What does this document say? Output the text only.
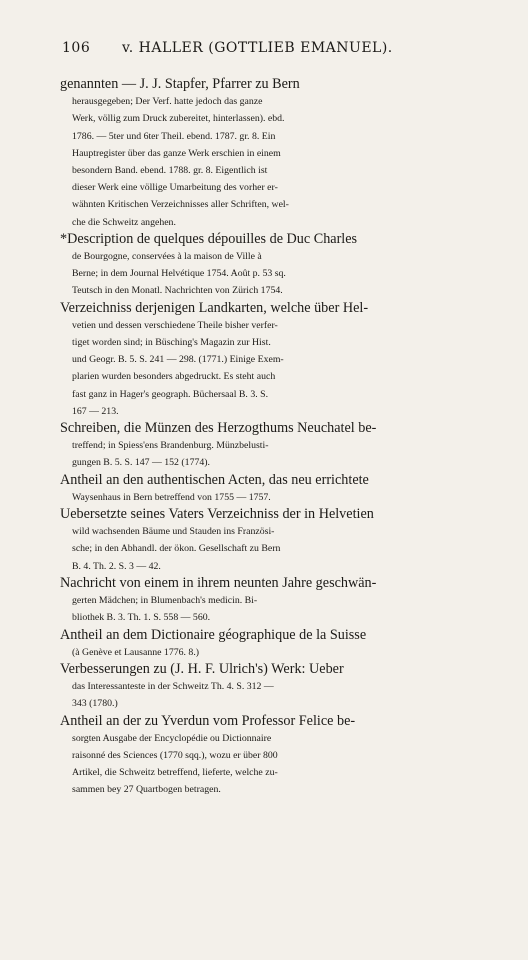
106 v. HALLER (GOTTLIEB EMANUEL).
genannten — J. J. Stapfer, Pfarrer zu Bern
herausgegeben; Der Verf. hatte jedoch das ganze
Werk, völlig zum Druck zubereitet, hinterlassen). ebd.
1786. — 5ter und 6ter Theil. ebend. 1787. gr. 8. Ein
Hauptregister über das ganze Werk erschien in einem
besondern Band. ebend. 1788. gr. 8. Eigentlich ist
dieser Werk eine völlige Umarbeitung des vorher er-
wähnten Kritischen Verzeichnisses aller Schriften, wel-
che die Schweitz angehen.
*Description de quelques dépouilles de Duc Charles
de Bourgogne, conservées à la maison de Ville à
Berne; in dem Journal Helvétique 1754. Août p. 53 sq.
Teutsch in den Monatl. Nachrichten von Zürich 1754.
Verzeichniss derjenigen Landkarten, welche über Hel-
vetien und dessen verschiedene Theile bisher verfer-
tiget worden sind; in Büsching's Magazin zur Hist.
und Geogr. B. 5. S. 241 — 298. (1771.) Einige Exem-
plarien wurden besonders abgedruckt. Es steht auch
fast ganz in Hager's geograph. Büchersaal B. 3. S.
167 — 213.
Schreiben, die Münzen des Herzogthums Neuchatel be-
treffend; in Spiess'ens Brandenburg. Münzbelusti-
gungen B. 5. S. 147 — 152 (1774).
Antheil an den authentischen Acten, das neu errichtete
Waysenhaus in Bern betreffend von 1755 — 1757.
Uebersetzte seines Vaters Verzeichniss der in Helvetien
wild wachsenden Bäume und Stauden ins Französi-
sche; in den Abhandl. der ökon. Gesellschaft zu Bern
B. 4. Th. 2. S. 3 — 42.
Nachricht von einem in ihrem neunten Jahre geschwän-
gerten Mädchen; in Blumenbach's medicin. Bi-
bliothek B. 3. Th. 1. S. 558 — 560.
Antheil an dem Dictionaire géographique de la Suisse
(à Genève et Lausanne 1776. 8.)
Verbesserungen zu (J. H. F. Ulrich's) Werk: Ueber
das Interessanteste in der Schweitz Th. 4. S. 312 —
343 (1780.)
Antheil an der zu Yverdun vom Professor Felice be-
sorgten Ausgabe der Encyclopédie ou Dictionnaire
raisonné des Sciences (1770 sqq.), wozu er über 800
Artikel, die Schweitz betreffend, lieferte, welche zu-
sammen bey 27 Quartbogen betragen.
